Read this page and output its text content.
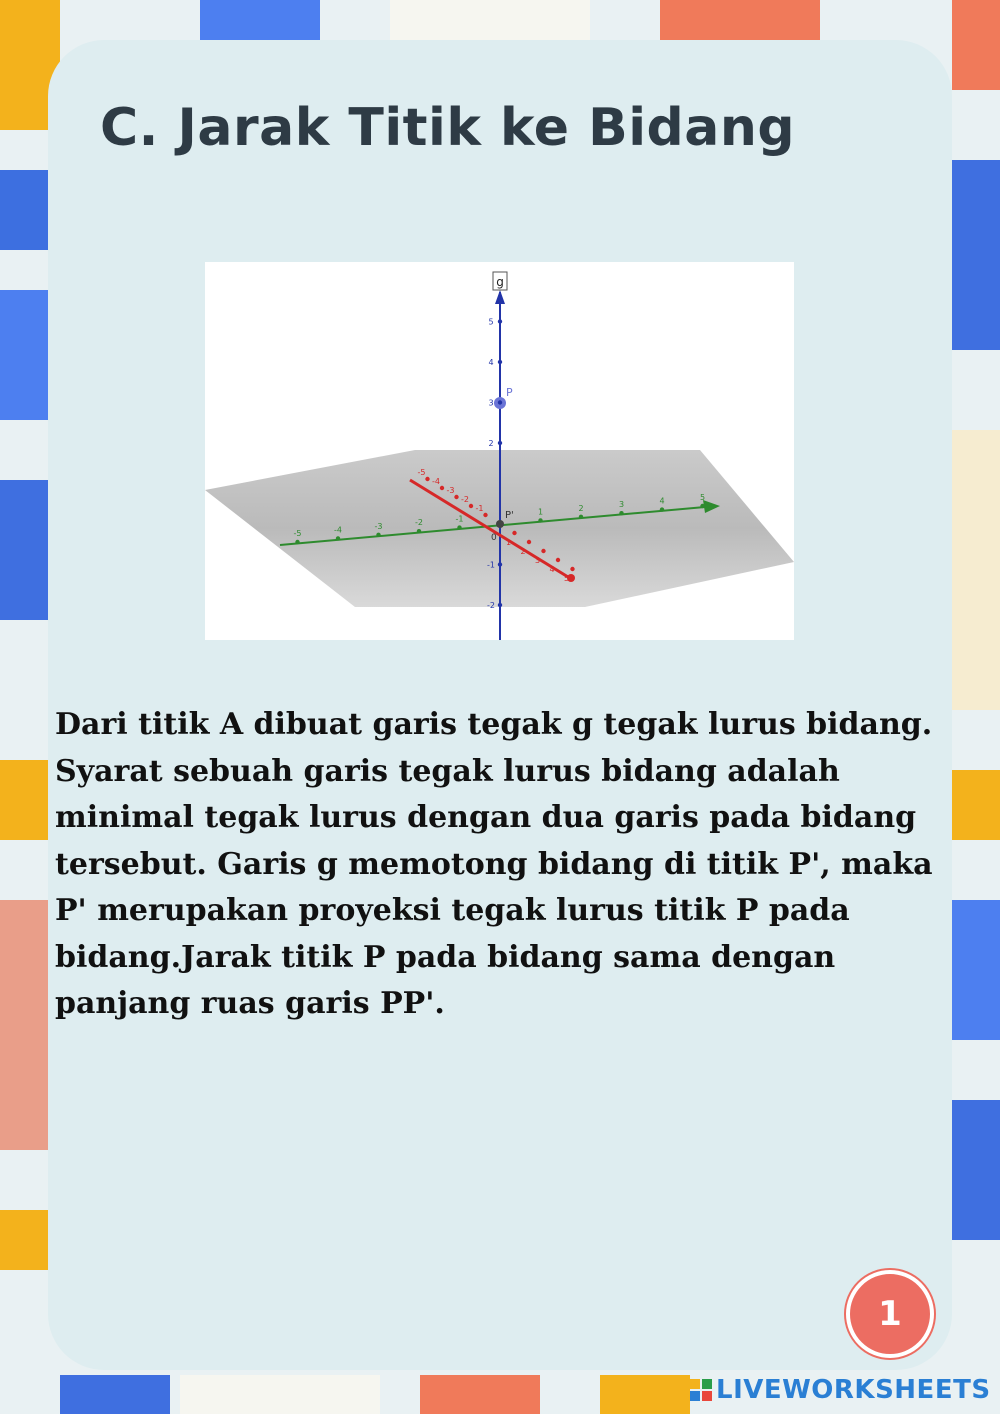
C. Jarak Titik ke Bidang
g
P
P'
0
-2
-1
2
3
4
5
-5	-4	-3	-2	-1
1	2	3	4	5
-5
-4
-3
-2
-1
1
2
3
4
5

Dari titik A dibuat garis tegak g tegak lurus bidang. Syarat sebuah garis tegak lurus bidang adalah minimal tegak lurus dengan dua garis pada bidang tersebut. Garis g memotong bidang di titik P', maka P' merupakan proyeksi tegak lurus titik P pada bidang.Jarak titik P pada bidang sama dengan panjang ruas garis PP'.

1
LIVEWORKSHEETS
